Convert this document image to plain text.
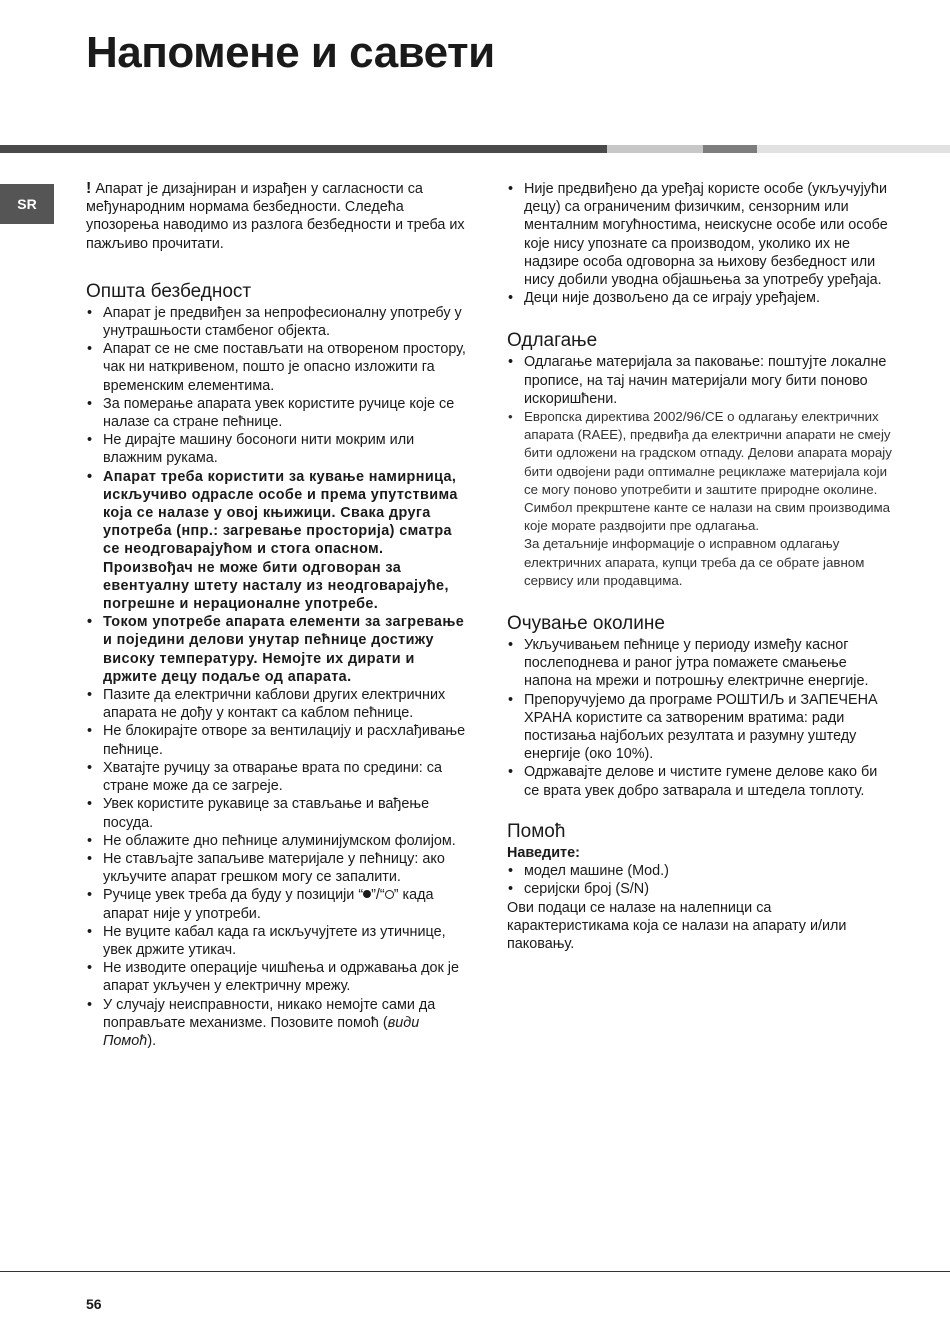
Напомене и савети
SR

! Апарат је дизајниран и израђен у сагласности са међународним нормама безбедности. Следећа упозорења наводимо из разлога безбедности и треба их пажљиво прочитати.

Општа безбедност
• Апарат је предвиђен за непрофесионалну употребу у унутрашњости стамбеног објекта.
• Апарат се не сме постављати на отвореном простору, чак ни наткривеном, пошто је опасно изложити га временским елементима.
• За померање апарата увек користите ручице које се налазе са стране пећнице.
• Не дирајте машину босоноги нити мокрим или влажним рукама.
• Апарат треба користити за кување намирница, искључиво одрасле особе и према упутствима која се налазе у овој књижици. Свака друга употреба (нпр.: загревање просторија) сматра се неодговарајућом и стога опасном. Произвођач не може бити одговоран за евентуалну штету насталу из неодговарајуће, погрешне и нерационалне употребе.
• Током употребе апарата елементи за загревање и поједини делови унутар пећнице достижу високу температуру. Немојте их дирати и држите децу подаље од апарата.
• Пазите да електрични каблови других електричних апарата не дођу у контакт са каблом пећнице.
• Не блокирајте отворе за вентилацију и расхлађивање пећнице.
• Хватајте ручицу за отварање врата по средини: са стране може да се загреје.
• Увек користите рукавице за стављање и вађење посуда.
• Не облажите дно пећнице алуминијумском фолијом.
• Не стављајте запаљиве материјале у пећницу: ако укључите апарат грешком могу се запалити.
• Ручице увек треба да буду у позицији “ ”/“ ” када апарат није у употреби.
• Не вуците кабал када га искључујтете из утичнице, увек држите утикач.
• Не изводите операције чишћења и одржавања док је апарат укључен у електричну мрежу.
• У случају неисправности, никако немојте сами да поправљате механизме. Позовите помоћ (види Помоћ).
• Није предвиђено да уређај користе особе (укључујући децу) са ограниченим физичким, сензорним или менталним могућностима, неискусне особе или особе које нису упознате са производом, уколико их не надзире особа одговорна за њихову безбедност или нису добили уводна објашњења за употребу уређаја.
• Деци није дозвољено да се играју уређајем.
Одлагање
• Одлагање материјала за паковање: поштујте локалне прописе, на тај начин материјали могу бити поново искоришћени.
• Европска директива 2002/96/CE о одлагању електричних апарата (RAEE), предвиђа да електрични апарати не смеју бити одложени на градском отпаду. Делови апарата морају бити одвојени ради оптималне рециклаже материјала који се могу поново употребити и заштите природне околине. Симбол прекрштене канте се налази на свим производима које морате раздвојити пре одлагања.
За детаљније информације о исправном одлагању електричних апарата, купци треба да се обрате јавном сервису или продавцима.
Очување околине
• Укључивањем пећнице у периоду између касног послеподнева и раног јутра помажете смањење напона на мрежи и потрошњу електричне енергије.
• Препоручујемо да програме РОШТИЉ и ЗАПЕЧЕНА ХРАНА користите са затвореним вратима: ради постизања најбољих резултата и разумну уштеду енергије (око 10%).
• Одржавајте делове и чистите гумене делове како би се врата увек добро затварала и штедела топлоту.
Помоћ

Наведите:

• модел машине (Mod.)
• серијски број (S/N)

Ови подаци се налазе на налепници са карактеристикама која се налази на апарату и/или паковању.

56
